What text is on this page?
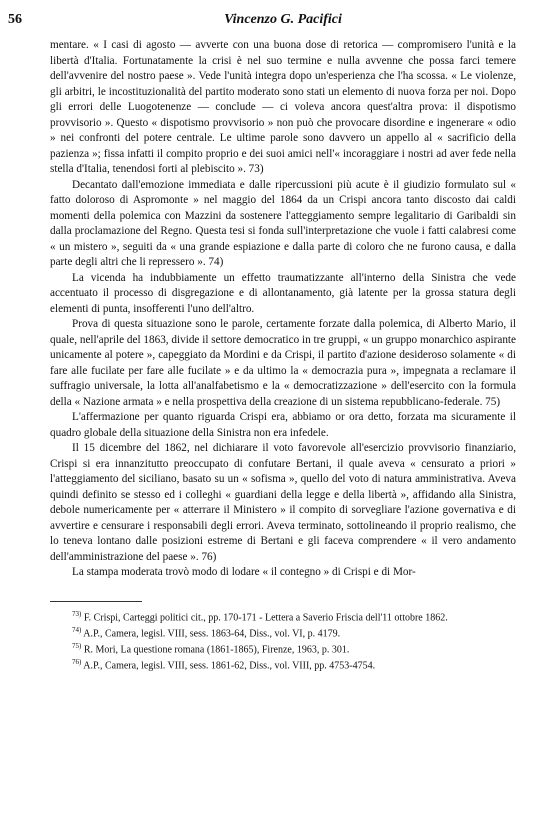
56	Vincenzo G. Pacifici

mentare. « I casi di agosto — avverte con una buona dose di retorica — compromisero l'unità e la libertà d'Italia. Fortunatamente la crisi è nel suo termine e nulla avvenne che possa farci temere dell'avvenire del nostro paese ». Vede l'unità integra dopo un'esperienza che l'ha scossa. « Le violenze, gli arbitri, le incostituzionalità del partito moderato sono stati un elemento di nuova forza per noi. Dopo gli errori delle Luogotenenze — conclude — ci voleva ancora quest'altra prova: il dispotismo provvisorio ». Questo « dispotismo provvisorio » non può che provocare disordine e ingenerare « odio » nei confronti del potere centrale. Le ultime parole sono davvero un appello al « sacrificio della pazienza »; fissa infatti il compito proprio e dei suoi amici nell'« incoraggiare i nostri ad aver fede nella stella d'Italia, tenendosi forti al plebiscito ». 73)

Decantato dall'emozione immediata e dalle ripercussioni più acute è il giudizio formulato sul « fatto doloroso di Aspromonte » nel maggio del 1864 da un Crispi ancora tanto discosto dai caldi momenti della polemica con Mazzini da sostenere l'atteggiamento sempre legalitario di Garibaldi sin dalla proclamazione del Regno. Questa tesi si fonda sull'interpretazione che vuole i fatti calabresi come « un mistero », seguiti da « una grande espiazione e dalla parte di coloro che ne furono causa, e dalla parte degli altri che li repressero ». 74)

La vicenda ha indubbiamente un effetto traumatizzante all'interno della Sinistra che vede accentuato il processo di disgregazione e di allontanamento, già latente per la grossa statura degli elementi di punta, insofferenti l'uno dell'altro.

Prova di questa situazione sono le parole, certamente forzate dalla polemica, di Alberto Mario, il quale, nell'aprile del 1863, divide il settore democratico in tre gruppi, « un gruppo monarchico aspirante unicamente al potere », capeggiato da Mordini e da Crispi, il partito d'azione desideroso solamente « di fare alle fucilate per fare alle fucilate » e da ultimo la « democrazia pura », impegnata a reclamare il suffragio universale, la lotta all'analfabetismo e la « democratizzazione » dell'esercito con la formula della « Nazione armata » e nella prospettiva della creazione di un sistema repubblicano-federale. 75)

L'affermazione per quanto riguarda Crispi era, abbiamo or ora detto, forzata ma sicuramente il quadro globale della situazione della Sinistra non era infedele.

Il 15 dicembre del 1862, nel dichiarare il voto favorevole all'esercizio provvisorio finanziario, Crispi si era innanzitutto preoccupato di confutare Bertani, il quale aveva « censurato a priori » l'atteggiamento del siciliano, basato su un « sofisma », quello del voto di natura amministrativa. Aveva quindi definito se stesso ed i colleghi « guardiani della legge e della libertà », affidando alla Sinistra, debole numericamente per « atterrare il Ministero » il compito di sorvegliare l'azione governativa e di avvertire e censurare i responsabili degli errori. Aveva terminato, sottolineando il proprio realismo, che lo teneva lontano dalle posizioni estreme di Bertani e gli faceva comprendere « il vero andamento dell'amministrazione del paese ». 76)

La stampa moderata trovò modo di lodare « il contegno » di Crispi e di Mor-

$^{73)}$ F. Crispi, Carteggi politici cit., pp. 170-171 - Lettera a Saverio Friscia dell'11 ottobre 1862.

$^{74)}$ A.P., Camera, legisl. VIII, sess. 1863-64, Diss., vol. VI, p. 4179.

$^{75)}$ R. Mori, La questione romana (1861-1865), Firenze, 1963, p. 301.

$^{76)}$ A.P., Camera, legisl. VIII, sess. 1861-62, Diss., vol. VIII, pp. 4753-4754.
